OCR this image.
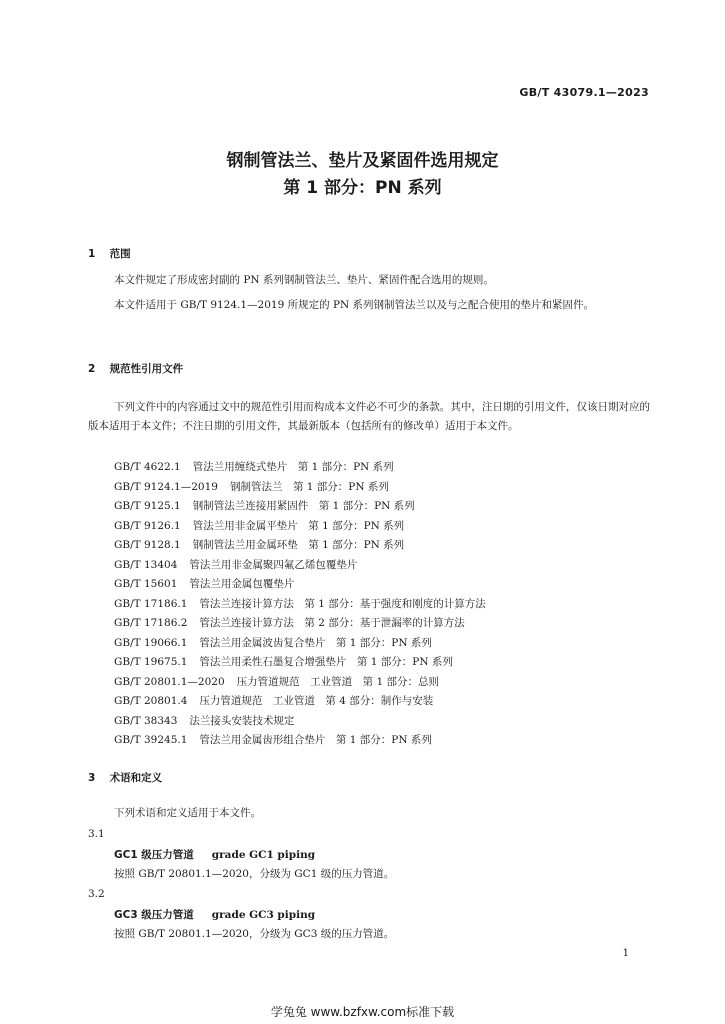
GB/T 43079.1—2023
钢制管法兰、垫片及紧固件选用规定
第 1 部分：PN 系列
1 范围
本文件规定了形成密封副的 PN 系列钢制管法兰、垫片、紧固件配合选用的规则。
本文件适用于 GB/T 9124.1—2019 所规定的 PN 系列钢制管法兰以及与之配合使用的垫片和紧固件。
2 规范性引用文件
下列文件中的内容通过文中的规范性引用而构成本文件必不可少的条款。其中，注日期的引用文件，仅该日期对应的版本适用于本文件；不注日期的引用文件，其最新版本（包括所有的修改单）适用于本文件。
GB/T 4622.1 管法兰用缠绕式垫片　第 1 部分：PN 系列
GB/T 9124.1—2019 钢制管法兰　第 1 部分：PN 系列
GB/T 9125.1 钢制管法兰连接用紧固件　第 1 部分：PN 系列
GB/T 9126.1 管法兰用非金属平垫片　第 1 部分：PN 系列
GB/T 9128.1 钢制管法兰用金属环垫　第 1 部分：PN 系列
GB/T 13404 管法兰用非金属聚四氟乙烯包覆垫片
GB/T 15601 管法兰用金属包覆垫片
GB/T 17186.1 管法兰连接计算方法　第 1 部分：基于强度和刚度的计算方法
GB/T 17186.2 管法兰连接计算方法　第 2 部分：基于泄漏率的计算方法
GB/T 19066.1 管法兰用金属波齿复合垫片　第 1 部分：PN 系列
GB/T 19675.1 管法兰用柔性石墨复合增强垫片　第 1 部分：PN 系列
GB/T 20801.1—2020 压力管道规范　工业管道　第 1 部分：总则
GB/T 20801.4 压力管道规范　工业管道　第 4 部分：制作与安装
GB/T 38343 法兰接头安装技术规定
GB/T 39245.1 管法兰用金属齿形组合垫片　第 1 部分：PN 系列
3 术语和定义
下列术语和定义适用于本文件。
3.1
GC1 级压力管道 grade GC1 piping
按照 GB/T 20801.1—2020，分级为 GC1 级的压力管道。
3.2
GC3 级压力管道 grade GC3 piping
按照 GB/T 20801.1—2020，分级为 GC3 级的压力管道。
1
学兔兔 www.bzfxw.com标准下载
